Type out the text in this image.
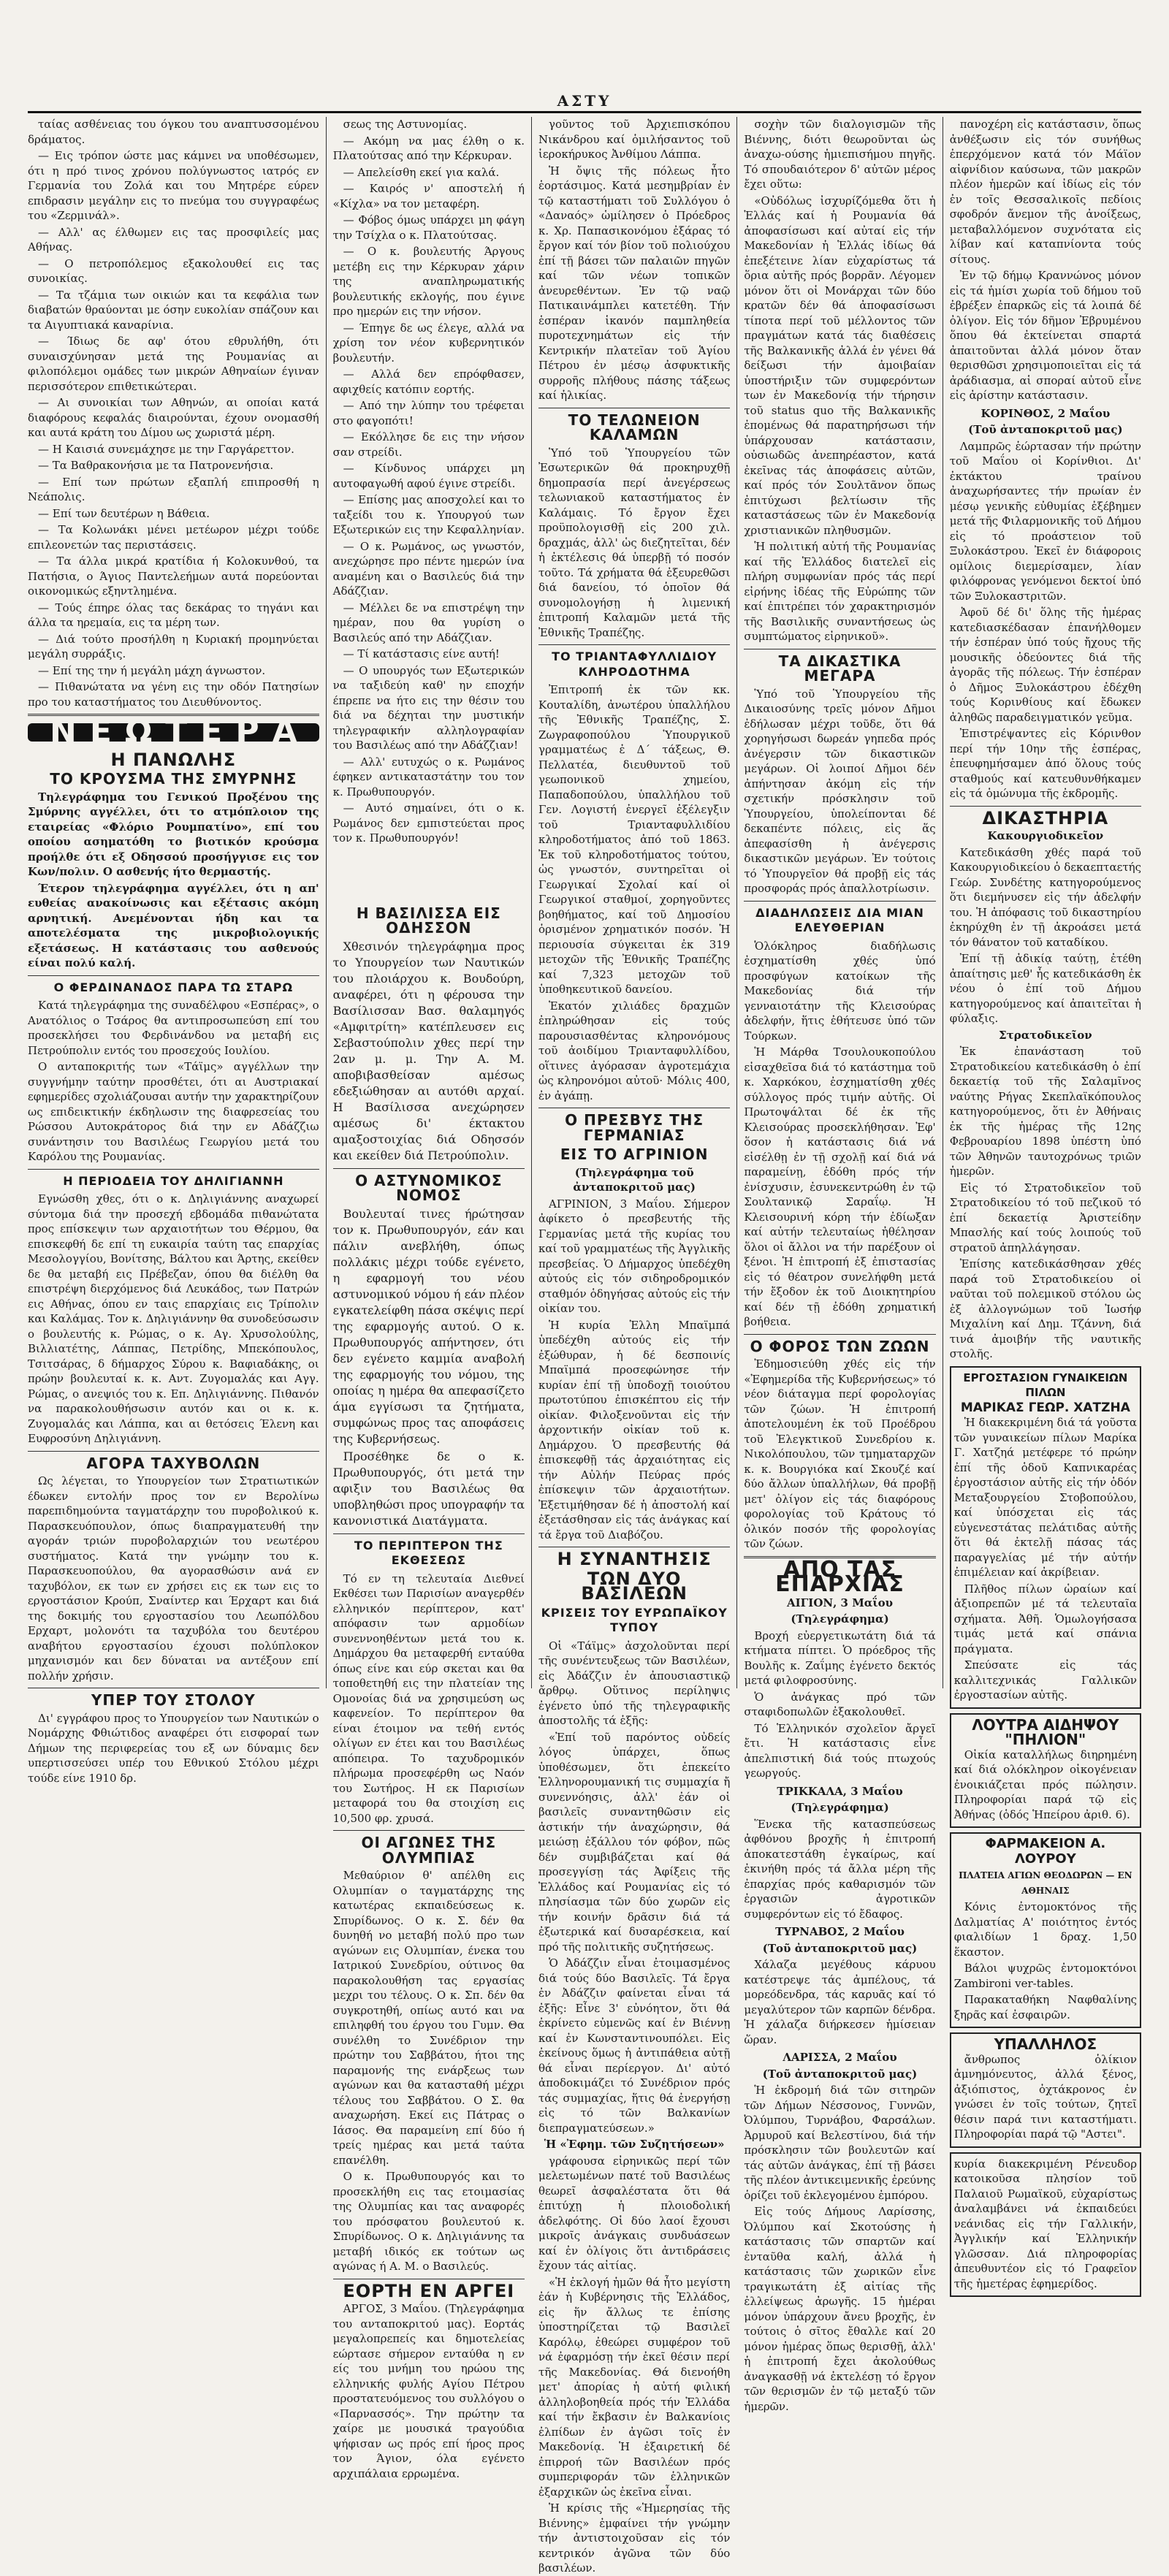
ΑΣΤΥ

ταίας ασθένειας του όγκου του αναπτυσσομένου δράματος.

— Εις τρόπον ώστε μας κάμνει να υποθέσωμεν, ότι η πρό τινος χρόνου πολύγνωστος ιατρός εν Γερμανία του Ζολά και του Μητρέρε εύρεν επιδρασιν μεγάλην εις το πνεύμα του συγγραφέως του «Ζερμινάλ».

— Αλλ' ας έλθωμεν εις τας προσφιλείς μας Αθήνας.

— Ο πετροπόλεμος εξακολουθεί εις τας συνοικίας.

— Τα τζάμια των οικιών και τα κεφάλια των διαβατών θραύονται με όσην ευκολίαν σπάζουν και τα Αιγυπτιακά καναρίνια.

— Ίδιως δε αφ' ότου εθρυλήθη, ότι συναισχύνησαν μετά της Ρουμανίας αι φιλοπόλεμοι ομάδες των μικρών Αθηναίων έγιναν περισσότερον επιθετικώτεραι.

— Αι συνοικίαι των Αθηνών, αι οποίαι κατά διαφόρους κεφαλάς διαιρούνται, έχουν ονομασθή και αυτά κράτη του Δίμου ως χωριστά μέρη.

— Η Καισιά συνεμάχησε με την Γαργάρεττον.

— Τα Βαθρακονήσια με τα Πατρονενήσια.

— Επί των πρώτων εξαπλή επιπροσθή η Νεάπολις.

— Επί των δευτέρων η Βάθεια.

— Τα Κολωνάκι μένει μετέωρον μέχρι τούδε επιλεονετών τας περιστάσεις.

— Τα άλλα μικρά κρατίδια ή Κολοκυνθού, τα Πατήσια, ο Άγιος Παντελεήμων αυτά πορεύονται οικονομικώς εξηντλημένα.

— Τούς έπηρε όλας τας δεκάρας το τηγάνι και άλλα τα ηρεμαία, εις τα μέρη των.

— Διά τούτο προσήλθη η Κυριακή προμηνύεται μεγάλη συρράξις.

— Επί της την ή μεγάλη μάχη άγνωστον.

— Πιθανώτατα να γένη εις την οδόν Πατησίων προ του καταστήματος του Διευθύνοντος.

ΝΕΩΤΕΡΑ
Η ΠΑΝΩΛΗΣ
ΤΟ ΚΡΟΥΣΜΑ ΤΗΣ ΣΜΥΡΝΗΣ

Τηλεγράφημα του Γενικού Προξένου της Σμύρνης αγγέλλει, ότι το ατμόπλοιον της εταιρείας «Φλόριο Ρουμπατίνο», επί του οποίου ασηματόθη το βιοτικόν κρούσμα προήλθε ότι εξ Οδησσού προσήγγισε εις τον Κων/πολιν. Ο ασθενής ήτο θερμαστής.

Έτερον τηλεγράφημα αγγέλλει, ότι η απ' ευθείας ανακοίνωσις και εξέτασις ακόμη αρνητική. Ανεμένονται ήδη και τα αποτελέσματα της μικροβιολογικής εξετάσεως. Η κατάστασις του ασθενούς είναι πολύ καλή.

Ο ΦΕΡΔΙΝΑΝΔΟΣ ΠΑΡΑ ΤΩ ΣΤΑΡΩ

Κατά τηλεγράφημα της συναδέλφου «Εσπέρας», ο Ανατόλιος ο Τσάρος θα αντιπροσωπεύση επί του προσεκλήσει του Φερδινάνδου να μεταβή εις Πετρούπολιν εντός του προσεχούς Ιουλίου.

Ο ανταποκριτής των «Τάϊμς» αγγέλλων την συγγνήμην ταύτην προσθέτει, ότι αι Αυστριακαί εφημερίδες σχολιάζουσαι αυτήν την χαρακτηρίζουν ως επιδεικτικήν έκδηλωσιν της διαφρεσείας του Ρώσσου Αυτοκράτορος διά την εν Αδάζζιω συνάντησιν του Βασιλέως Γεωργίου μετά του Καρόλου της Ρουμανίας.

Η ΠΕΡΙΟΔΕΙΑ ΤΟΥ ΔΗΛΙΓΙΑΝΝΗ

Εγνώσθη χθες, ότι ο κ. Δηλιγιάννης αναχωρεί σύντομα διά την προσεχή εβδομάδα πιθανώτατα προς επίσκεψιν των αρχαιοτήτων του Θέρμου, θα επισκεφθή δε επί τη ευκαιρία ταύτη τας επαρχίας Μεσολογγίου, Βονίτσης, Βάλτου και Άρτης, εκείθεν δε θα μεταβή εις Πρέβεζαν, όπου θα διέλθη θα επιστρέψη διερχόμενος διά Λευκάδος, των Πατρών εις Αθήνας, όπου εν ταις επαρχίαις εις Τρίπολιν και Καλάμας. Τον κ. Δηλιγιάννην θα συνοδεύσωσιν ο βουλευτής κ. Ρώμας, ο κ. Αγ. Χρυσολούλης, Βιλλιατέτης, Λάππας, Πετρίδης, Μπεκόπουλος, Τσιτσάρας, δ δήμαρχος Σύρου κ. Βαφιαδάκης, οι πρώην βουλευταί κ. κ. Αντ. Ζυγομαλάς και Αγγ. Ρώμας, ο ανεψιός του κ. Επ. Δηλιγιάννης. Πιθανόν να παρακολουθήσωσιν αυτόν και οι κ. κ. Ζυγομαλάς και Λάππα, και αι θετόσεις Έλενη και Ευφροσύνη Δηλιγιάννη.

ΑΓΟΡΑ ΤΑΧΥΒΟΛΩΝ

Ως λέγεται, το Υπουργείον των Στρατιωτικών έδωκεν εντολήν προς τον εν Βερολίνω παρεπιδημούντα ταγματάρχην του πυροβολικού κ. Παρασκευόπουλον, όπως διαπραγματευθή την αγοράν τριών πυροβολαρχιών του νεωτέρου συστήματος. Κατά την γνώμην του κ. Παρασκευοπούλου, θα αγορασθώσιν ανά εν ταχυβόλον, εκ των εν χρήσει εις εκ των εις το εργοστάσιον Κρούπ, Σναίντερ και Έρχαρτ και διά της δοκιμής του εργοστασίου του Λεωπόλδου Ερχαρτ, μολονότι τα ταχυβόλα του δευτέρου αναβήτου εργοστασίου έχουσι πολύπλοκον μηχανισμόν και δεν δύναται να αντέξουν επί πολλήν χρήσιν.

ΥΠΕΡ ΤΟΥ ΣΤΟΛΟΥ

Δι' εγγράφου προς το Υπουργείον των Ναυτικών ο Νομάρχης Φθιώτιδος αναφέρει ότι εισφοραί των Δήμων της περιφερείας του εξ ων δύναμις δεν υπερτισσεύσει υπέρ του Εθνικού Στόλου μέχρι τούδε είνε 1910 δρ.

σεως της Αστυνομίας.

— Ακόμη να μας έλθη ο κ. Πλατούτσας από την Κέρκυραν.

— Απελείσθη εκεί για καλά.

— Καιρός ν' αποστελή ή «Κίχλα» να τον μεταφέρη.

— Φόβος όμως υπάρχει μη φάγη την Τσίχλα ο κ. Πλατούτσας.

— Ο κ. βουλευτής Άργους μετέβη εις την Κέρκυραν χάριν της αναπληρωματικής βουλευτικής εκλογής, που έγινε προ ημερών εις την νήσον.

— Έπηγε δε ως έλεγε, αλλά να χρίση τον νέον κυβερνητικόν βουλευτήν.

— Αλλά δεν επρόφθασεν, αφιχθείς κατόπιν εορτής.

— Από την λύπην του τρέφεται στο φαγοπότι!

— Εκόλλησε δε εις την νήσον σαν στρείδι.

— Κίνδυνος υπάρχει μη αυτοφαγωθή αφού έγινε στρείδι.

— Επίσης μας αποσχολεί και το ταξείδι του κ. Υπουργού των Εξωτερικών εις την Κεφαλληνίαν.

— Ο κ. Ρωμάνος, ως γνωστόν, ανεχώρησε προ πέντε ημερών ίνα αναμένη και ο Βασιλεύς διά την Αδάζζιαν.

— Μέλλει δε να επιστρέψη την ημέραν, που θα γυρίση ο Βασιλεύς από την Αδάζζιαν.

— Τί κατάστασις είνε αυτή!

— Ο υπουργός των Εξωτερικών να ταξιδεύη καθ' ην εποχήν έπρεπε να ήτο εις την θέσιν του διά να δέχηται την μυστικήν τηλεγραφικήν αλληλογραφίαν του Βασιλέως από την Αδάζζιαν!

— Αλλ' ευτυχώς ο κ. Ρωμάνος έφηκεν αντικαταστάτην του τον κ. Πρωθυπουργόν.

— Αυτό σημαίνει, ότι ο κ. Ρωμάνος δεν εμπιστεύεται προς τον κ. Πρωθυπουργόν!

Η ΒΑΣΙΛΙΣΣΑ ΕΙΣ ΟΔΗΣΣΟΝ

Χθεσινόν τηλεγράφημα προς το Υπουργείον των Ναυτικών του πλοιάρχου κ. Βουδούρη, αναφέρει, ότι η φέρουσα την Βασίλισσαν Βασ. θαλαμηγός «Αμφιτρίτη» κατέπλευσεν εις Σεβαστούπολιν χθες περί την 2αν μ. μ. Την Α. Μ. αποβιβασθείσαν αμέσως εδεξιώθησαν αι αυτόθι αρχαί. Η Βασίλισσα ανεχώρησεν αμέσως δι' έκτακτου αμαξοστοιχίας διά Οδησσόν και εκείθεν διά Πετρούπολιν.

Ο ΑΣΤΥΝΟΜΙΚΟΣ ΝΟΜΟΣ

Βουλευταί τινες ήρώτησαν τον κ. Πρωθυπουργόν, εάν και πάλιν ανεβλήθη, όπως πολλάκις μέχρι τούδε εγένετο, η εφαρμογή του νέου αστυνομικού νόμου ή εάν πλέον εγκατελείφθη πάσα σκέψις περί της εφαρμογής αυτού. Ο κ. Πρωθυπουργός απήντησεν, ότι δεν εγένετο καμμία αναβολή της εφαρμογής του νόμου, της οποίας η ημέρα θα απεφασίζετο άμα εγγίσωσι τα ζητήματα, συμφώνως προς τας αποφάσεις της Κυβερνήσεως.

Προσέθηκε δε ο κ. Πρωθυπουργός, ότι μετά την αφιξιν του Βασιλέως θα υποβληθώσι προς υπογραφήν τα κανονιστικά Διατάγματα.

ΤΟ ΠΕΡΙΠΤΕΡΟΝ ΤΗΣ ΕΚΘΕΣΕΩΣ

Τό εν τη τελευταία Διεθνεί Εκθέσει των Παρισίων αναγερθέν ελληνικόν περίπτερον, κατ' απόφασιν των αρμοδίων συνεννοηθέντων μετά του κ. Δημάρχου θα μεταφερθή ενταύθα όπως είνε και εύρ σκεται και θα τοποθετηθή εις την πλατείαν της Ομονοίας διά να χρησιμεύση ως καφενείον. Το περίπτερον θα είναι έτοιμον να τεθή εντός ολίγων εν έτει και του Βασιλέως απόπειρα. Το ταχυδρομικόν πλήρωμα προσεφέρθη ως Ναόν του Σωτήρος. Η εκ Παρισίων μεταφορά του θα στοιχίση εις 10,500 φρ. χρυσά.

ΟΙ ΑΓΩΝΕΣ ΤΗΣ ΟΛΥΜΠΙΑΣ

Μεθαύριον θ' απέλθη εις Ολυμπίαν ο ταγματάρχης της κατωτέρας εκπαιδεύσεως κ. Σπυρίδωνος. Ο κ. Σ. δέν θα δυνηθή νο μεταβή πολύ προ των αγώνων εις Ολυμπίαν, ένεκα του Ιατρικού Συνεδρίου, ούτινος θα παρακολουθήση τας εργασίας μεχρι του τέλους. Ο κ. Σπ. δέν θα συγκροτηθή, οπίως αυτό και να επιληφθή του έργου του Γυμν. Θα συνέλθη το Συνέδριον την πρώτην του Σαββάτου, ήτοι της παραμονής της ενάρξεως των αγώνων και θα κατασταθή μέχρι τέλους του Σαββάτου. Ο Σ. θα αναχωρήση. Εκεί εις Πάτρας ο Ιάσος. Θα παραμείνη επί δύο ή τρείς ημέρας και μετά ταύτα επανέλθη.

Ο κ. Πρωθυπουργός και το προσεκλήθη εις τας ετοιμασίας της Ολυμπίας και τας αναφορές του πρόσφατου βουλευτού κ. Σπυρίδωνος. Ο κ. Δηλιγιάννης τα μεταβή ιδικός εκ τούτων ως αγώνας ή Α. Μ. ο Βασιλεύς.

ΕΟΡΤΗ ΕΝ ΑΡΓΕΙ

ΑΡΓΟΣ, 3 Μαΐου. (Τηλεγράφημα του ανταποκριτού μας). Εορτάς μεγαλοπρεπείς και δημοτελείας εώρτασε σήμερον ενταύθα η εν είς του μνήμη του ηρώου της ελληνικής φυλής Αγίου Πέτρου προστατευόμενος του συλλόγου ο «Παρνασσός». Την πρώτην τα χαίρε με μουσικά τραγούδια ψήφισαν ως πρός επί ήρος προς τον Άγιον, όλα εγένετο αρχιπάλαια ερρωμένα.

γοῦντος τοῦ Ἀρχιεπισκόπου Νικάνδρου καί ὁμιλήσαντος τοῦ ἱεροκήρυκος Ἀνθίμου Λάππα.

Ἡ ὄψις τῆς πόλεως ἦτο ἑορτάσιμος. Κατά μεσημβρίαν ἐν τῷ καταστήματι τοῦ Συλλόγου ὁ «Δαναός» ὡμίλησεν ὁ Πρόεδρος κ. Χρ. Παπασικονόμου ἐξάρας τό ἔργον καί τόν βίον τοῦ πολιούχου ἐπί τῇ βάσει τῶν παλαιῶν πηγῶν καί τῶν νέων τοπικῶν ἀνευρεθέντων. Ἐν τῷ ναῷ Πατικαινάμπλει κατετέθη. Τήν ἑσπέραν ἱκανόν παμπληθεία πυροτεχνημάτων εἰς τήν Κεντρικήν πλατεῖαν τοῦ Ἁγίου Πέτρου ἐν μέσῳ ἀσφυκτικῆς συρροῆς πλήθους πάσης τάξεως καί ἡλικίας.

ΤΟ ΤΕΛΩΝΕΙΟΝ ΚΑΛΑΜΩΝ

Ὑπό τοῦ Ὑπουργείου τῶν Ἐσωτερικῶν θά προκηρυχθῇ δημοπρασία περί ἀνεγέρσεως τελωνιακοῦ καταστήματος ἐν Καλάμαις. Τό ἔργον ἔχει προϋπολογισθῇ εἰς 200 χιλ. δραχμάς, ἀλλ' ὡς διεζητεῖται, δέν ἡ ἐκτέλεσις θά ὑπερβῇ τό ποσόν τοῦτο. Τά χρήματα θά ἐξευρεθῶσι διά δανείου, τό ὁποῖον θά συνομολογήσῃ ἡ λιμενική ἐπιτροπή Καλαμῶν μετά τῆς Ἐθνικῆς Τραπέζης.

ΤΟ ΤΡΙΑΝΤΑΦΥΛΛΙΔΙΟΥ ΚΛΗΡΟΔΟΤΗΜΑ

Ἐπιτροπή ἐκ τῶν κκ. Κουταλίδη, ἀνωτέρου ὑπαλλήλου τῆς Ἐθνικῆς Τραπέζης, Σ. Ζωγραφοπούλου Ὑπουργικοῦ γραμματέως ἐ Δ΄ τάξεως, Θ. Πελλατέα, διευθυντοῦ τοῦ γεωπονικοῦ χημείου, Παπαδοπούλου, ὑπαλλήλου τοῦ Γεν. Λογιστή ἐνεργεῖ ἐξέλεγξιν τοῦ Τριανταφυλλιδίου κληροδοτήματος ἀπό τοῦ 1863. Ἐκ τοῦ κληροδοτήματος τούτου, ὡς γνωστόν, συντηρεῖται οἱ Γεωργικαί Σχολαί καί οἱ Γεωργικοί σταθμοί, χορηγοῦντες βοηθήματος, καί τοῦ Δημοσίου ὁρισμένον χρηματικόν ποσόν. Ἡ περιουσία σύγκειται ἐκ 319 μετοχῶν τῆς Ἐθνικῆς Τραπέζης καί 7,323 μετοχῶν τοῦ ὑποθηκευτικοῦ δανείου.

Ἑκατόν χιλιάδες δραχμῶν ἐπληρώθησαν εἰς τούς παρουσιασθέντας κληρονόμους τοῦ ἀοιδίμου Τριανταφυλλίδου, οἵτινες ἀγόρασαν ἀγροτεμάχια ὡς κληρονόμοι αὐτοῦ· Μόλις 400, ἐν ἀγάπῃ.

Ο ΠΡΕΣΒΥΣ ΤΗΣ ΓΕΡΜΑΝΙΑΣ
ΕΙΣ ΤΟ ΑΓΡΙΝΙΟΝ
(Τηλεγράφημα τοῦ ἀνταποκριτοῦ μας)

ΑΓΡΙΝΙΟΝ, 3 Μαΐου. Σήμερον ἀφίκετο ὁ πρεσβευτής τῆς Γερμανίας μετά τῆς κυρίας του καί τοῦ γραμματέως τῆς Ἀγγλικῆς πρεσβείας. Ὁ Δήμαρχος ὑπεδέχθη αὐτούς εἰς τόν σιδηροδρομικόν σταθμόν ὁδηγήσας αὐτούς εἰς τήν οἰκίαν του.

Ἡ κυρία Ἑλλη Μπαϊμπά ὑπεδέχθη αὐτούς εἰς τήν ἐξώθυραν, ἡ δέ δεσποινίς Μπαϊμπά προσεφώνησε τήν κυρίαν ἐπί τῇ ὑποδοχῇ τοιούτου πρωτοτύπου ἐπισκέπτου εἰς τήν οἰκίαν. Φιλοξενοῦνται εἰς τήν ἀρχοντικήν οἰκίαν τοῦ κ. Δημάρχου. Ὁ πρεσβευτής θά ἐπισκεφθῇ τάς ἀρχαιότητας εἰς τήν Αὐλήν Πεύρας πρός ἐπίσκεψιν τῶν ἀρχαιοτήτων. Ἐξετιμήθησαν δέ ἡ ἀποστολή καί ἐξετάσθησαν εἰς τάς ἀνάγκας καί τά ἔργα τοῦ Διαβόζου.

Η ΣΥΝΑΝΤΗΣΙΣ
ΤΩΝ ΔΥΟ ΒΑΣΙΛΕΩΝ
ΚΡΙΣΕΙΣ ΤΟΥ ΕΥΡΩΠΑΪΚΟΥ ΤΥΠΟΥ

Οἱ «Τάϊμς» ἀσχολοῦνται περί τῆς συνέντευξεως τῶν Βασιλέων, εἰς Ἀδάζζιν ἐν ἀπουσιαστικῷ ἄρθρῳ. Οὕτινος περίληψις ἐγένετο ὑπό τῆς τηλεγραφικῆς ἀποστολῆς τά ἑξῆς:

«Ἐπί τοῦ παρόντος οὐδείς λόγος ὑπάρχει, ὅπως ὑποθέσωμεν, ὅτι ἐπεκείτο Ἑλληνορουμανική τις συμμαχία ἤ συνεννόησις, ἀλλ' ἐάν οἱ βασιλεῖς συναντηθῶσιν εἰς ἀστικήν τήν ἀναχώρησιν, θά μειώσῃ ἐξάλλου τόν φόβον, πῶς δέν συμβιβάζεται καί θά προσεγγίσῃ τάς Ἀφίξεις τῆς Ἑλλάδος καί Ρουμανίας εἰς τό πλησίασμα τῶν δύο χωρῶν εἰς τήν κοινήν δρᾶσιν διά τά ἐξωτερικά καί δυσαρέσκεια, καί πρό τῆς πολιτικῆς συζητήσεως.

Ὁ Ἀδάζζιν εἶναι ἐτοιμασμένος διά τούς δύο Βασιλεῖς. Τά ἔργα ἐν Ἀδάζζιν φαίνεται εἶναι τά ἐξῆς: Εἶνε 3' εὐνόητον, ὅτι θά ἐκρίνετο εὐμενῶς καί ἐν Βιέννῃ καί ἐν Κωνσταντινουπόλει. Εἰς ἐκείνους ὅμως ἡ ἀντιπάθεια αὐτῇ θά εἶναι περίεργον. Δι' αὐτό ἀποδοκιμάζει τό Συνέδριον πρός τάς συμμαχίας, ἥτις θά ἐνεργήσῃ εἰς τό τῶν Βαλκανίων διεπραγματεύσεων.»

Ἡ «Ἐφημ. τῶν Συζητήσεων»

γράφουσα εἰρηνικῶς περί τῶν μελετωμένων πατέ τοῦ Βασιλέως θεωρεῖ ἀσφαλέστατα ὅτι θά ἐπιτύχῃ ἡ πλοιοδολική ἀδελφότης. Οἱ δύο λαοί ἔχουσι μικροῖς ἀνάγκαις συνδυάσεων καί ἐν ὀλίγοις ὅτι ἀντιδράσεις ἔχουν τάς αἰτίας.

«Ἡ ἐκλογή ἡμῶν θά ἦτο μεγίστη ἐάν ἡ Κυβέρνησις τῆς Ἑλλάδος, εἰς ἥν ἄλλως τε ἐπίσης ὑποστηρίζεται τῷ Βασιλεῖ Καρόλῳ, ἐθεώρει συμφέρον τοῦ νά ἐφαρμόσῃ τήν ἐκεῖ θέσιν περί τῆς Μακεδονίας. Θά διενοήθη μετ' ἀπορίας ἡ αὐτή φιλική ἀλληλοβοηθεία πρός τήν Ἑλλάδα καί τήν ἔκβασιν ἐν Βαλκανίοις ἐλπίδων ἐν ἀγῶσι τοῖς ἐν Μακεδονίᾳ. Ἡ ἐξαιρετική δέ ἐπιρροή τῶν Βασιλέων πρός συμπεριφοράν τῶν ἑλληνικῶν ἐξαρχικῶν ὡς ἐκεῖνα εἶναι.

Ἡ κρίσις τῆς «Ἡμερησίας τῆς Βιέννης» ἐμφαίνει τήν γνώμην τήν ἀντιστοιχοῦσαν εἰς τόν κεντρικόν ἀγῶνα τῶν δύο βασιλέων.

σοχὴν τῶν διαλογισμῶν τῆς Βιέννης, διότι θεωροῦνται ὡς ἀναχω-ούσης ἡμιεπισήμου πηγῆς. Τό σπουδαιότερον δ' αὐτῶν μέρος ἔχει οὕτω:

«Οὐδόλως ἰσχυρίζόμεθα ὅτι ἡ Ἑλλάς καί ἡ Ρουμανία θά ἀποφασίσωσι καί αὐταί εἰς τήν Μακεδονίαν ἡ Ἑλλάς ἰδίως θά ἐπεξέτεινε λίαν εὐχαρίστως τά ὅρια αὐτῆς πρός βορρᾶν. Λέγομεν μόνον ὅτι οἱ Μονάρχαι τῶν δύο κρατῶν δέν θά ἀποφασίσωσι τίποτα περί τοῦ μέλλοντος τῶν πραγμάτων κατά τάς διαθέσεις τῆς Βαλκανικῆς ἀλλά ἐν γένει θά δείξωσι τήν ἀμοιβαίαν ὑποστήριξιν τῶν συμφερόντων των ἐν Μακεδονίᾳ τήν τήρησιν τοῦ status quo τῆς Βαλκανικῆς ἐπομένως θά παρατηρήσωσι τήν ὑπάρχουσαν κατάστασιν, οὐσιωδῶς ἀνεπηρέαστον, κατά ἐκεῖνας τάς ἀποφάσεις αὐτῶν, καί πρός τόν Σουλτᾶνον ὅπως ἐπιτύχωσι βελτίωσιν τῆς καταστάσεως τῶν ἐν Μακεδονίᾳ χριστιανικῶν πληθυσμῶν.

Ἡ πολιτική αὐτή τῆς Ρουμανίας καί τῆς Ἑλλάδος διατελεῖ εἰς πλήρη συμφωνίαν πρός τάς περί εἰρήνης ἰδέας τῆς Εὐρώπης τῶν καί ἐπιτρέπει τόν χαρακτηρισμόν τῆς Βασιλικῆς συναντήσεως ὡς συμπτώματος εἰρηνικοῦ».

ΤΑ ΔΙΚΑΣΤΙΚΑ ΜΕΓΑΡΑ

Ὑπό τοῦ Ὑπουργείου τῆς Δικαιοσύνης τρεῖς μόνον Δῆμοι ἐδήλωσαν μέχρι τοῦδε, ὅτι θά χορηγήσωσι δωρεάν γηπεδα πρός ἀνέγερσιν τῶν δικαστικῶν μεγάρων. Οἱ λοιποί Δῆμοι δέν ἀπήντησαν ἀκόμη εἰς τήν σχετικήν πρόσκλησιν τοῦ Ὑπουργείου, ὑπολείπονται δέ δεκαπέντε πόλεις, εἰς ἅς ἀπεφασίσθη ἡ ἀνέγερσις δικαστικῶν μεγάρων. Ἐν τούτοις τό Ὑπουργεῖον θά προβῇ εἰς τάς προσφοράς πρός ἀπαλλοτρίωσιν.

ΔΙΑΔΗΛΩΣΕΙΣ ΔΙΑ ΜΙΑΝ ΕΛΕΥΘΕΡΙΑΝ

Ὁλόκληρος διαδήλωσις ἐσχηματίσθη χθές ὑπό προσφύγων κατοίκων τῆς Μακεδονίας διά τήν γενναιοτάτην τῆς Κλεισούρας ἀδελφήν, ἥτις ἐθήτευσε ὑπό τῶν Τούρκων.

Ἡ Μάρθα Τσουλουκοπούλου εἰσαχθεῖσα διά τό κατάστημα τοῦ κ. Χαρκόκου, ἐσχηματίσθη χθές σύλλογος πρός τιμήν αὐτῆς. Οἱ Πρωτοψάλται δέ ἐκ τῆς Κλεισούρας προσεκλήθησαν. Ἐφ' ὅσον ἡ κατάστασις διά νά εἰσέλθῃ ἐν τῇ σχολῇ καί διά νά παραμείνῃ, ἐδόθη πρός τήν ἐνίσχυσιν, ἐσυνεκεντρώθη ἐν τῷ Σουλτανικῷ Σαραΐῳ. Ἡ Κλεισουρινή κόρη τήν ἐδίωξαν καί αὐτήν τελευταίως ἠθέλησαν ὅλοι οἱ ἄλλοι να τήν παρέξουν οἱ ξένοι. Ἡ ἐπιτροπή ἐξ ἐπιστασίας εἰς τό θέατρον συνελήφθη μετά τήν ἔξοδον ἐκ τοῦ Διοικητηρίου καί δέν τῇ ἐδόθη χρηματική βοήθεια.

Ο ΦΟΡΟΣ ΤΩΝ ΖΩΩΝ

Ἐδημοσιεύθη χθές εἰς τήν «Ἐφημερίδα τῆς Κυβερνήσεως» τό νέον διάταγμα περί φορολογίας τῶν ζώων. Ἡ ἐπιτροπή ἀποτελουμένη ἐκ τοῦ Προέδρου τοῦ Ἐλεγκτικοῦ Συνεδρίου κ. Νικολόπουλου, τῶν τμηματαρχῶν κ. κ. Βουργιόκα καί Σκουζέ καί δύο ἄλλων ὑπαλλήλων, θά προβῇ μετ' ὀλίγον εἰς τάς διαφόρους φορολογίας τοῦ Κράτους τό ὁλικόν ποσόν τῆς φορολογίας τῶν ζώων.

ΑΠΟ ΤΑΣ ΕΠΑΡΧΙΑΣ
ΑΙΓΙΟΝ, 3 Μαΐου
(Τηλεγράφημα)

Βροχή εὐεργετικωτάτη διά τά κτήματα πίπτει. Ὁ πρόεδρος τῆς Βουλῆς κ. Ζαΐμης ἐγένετο δεκτός μετά φιλοφροσύνης.

Ὁ ἀνάγκας πρό τῶν σταφιδοπωλῶν ἐξακολουθεῖ.

Τό Ἑλληνικόν σχολεῖον ἄργεῖ ἔτι. Ἡ κατάστασις εἶνε ἀπελπιστική διά τούς πτωχούς γεωργούς.

ΤΡΙΚΚΑΛΑ, 3 Μαΐου
(Τηλεγράφημα)

Ἕνεκα τῆς κατασπεύσεως ἀφθόνου βροχῆς ἡ ἐπιτροπή ἀποκατεστάθη ἐγκαίρως, καί ἐκινήθη πρός τά ἄλλα μέρη τῆς ἐπαρχίας πρός καθαρισμόν τῶν ἐργασιῶν ἀγροτικῶν συμφερόντων εἰς τό ἔδαφος.

ΤΥΡΝΑΒΟΣ, 2 Μαΐου
(Τοῦ ἀνταποκριτοῦ μας)

Χάλαζα μεγέθους κάρυου κατέστρεψε τάς ἀμπέλους, τά μορεόδενδρα, τάς καρυᾶς καί τό μεγαλύτερον τῶν καρπῶν δένδρα. Ἡ χάλαζα διήρκεσεν ἡμίσειαν ὥραν.

ΛΑΡΙΣΣΑ, 2 Μαΐου
(Τοῦ ἀνταποκριτοῦ μας)

Ἡ ἐκδρομή διά τῶν σιτηρῶν τῶν Δήμων Νέσσονος, Γυννῶν, Ὀλύμπου, Τυρνάβου, Φαρσάλων. Ἀρμυροῦ καί Βελεστίνου, διά τήν πρόσκλησιν τῶν βουλευτῶν καί τάς αὐτῶν ἀνάγκας, ἐπί τῇ βάσει τῆς πλέον ἀντικειμενικῆς ἐρεύνης ὁρίζει τοῦ ἐκλεγομένου ἐμπόρου.

Εἰς τούς Δήμους Λαρίσσης, Ὀλύμπου καί Σκοτούσης ἡ κατάστασις τῶν σπαρτῶν καί ἐνταῦθα καλή, ἀλλά ἡ κατάστασις τῶν χωρικῶν εἶνε τραγικωτάτη ἐξ αἰτίας τῆς ἐλλείψεως ἀρωγῆς. 15 ἡμέραι μόνον ὑπάρχουν ἄνευ βροχῆς, ἐν τούτοις ὁ σῖτος ἔθαλλε καί 20 μόνον ἡμέρας ὅπως θερισθῇ, ἀλλ' ἡ ἐπιτροπή ἔχει ἀκολούθως ἀναγκασθῇ νά ἐκτελέσῃ τό ἔργον τῶν θερισμῶν ἐν τῷ μεταξύ τῶν ἡμερῶν.

πανοχέρη εἰς κατάστασιν, ὅπως ἀνθέξωσιν εἰς τόν συνήθως ἐπερχόμενον κατά τόν Μάϊον αἰφνίδιον καύσωνα, τῶν μακρῶν πλέον ἡμερῶν καί ἰδίως εἰς τόν ἐν τοῖς Θεσσαλικοῖς πεδίοις σφοδρόν ἄνεμον τῆς ἀνοίξεως, μεταβαλλόμενον συχνότατα εἰς λίβαν καί καταπνίοντα τούς σίτους.

Ἐν τῷ δήμῳ Κραννώνος μόνον εἰς τά ἡμίσι χωρία τοῦ δήμου τοῦ ἐβρέξεν ἐπαρκῶς εἰς τά λοιπά δέ ὀλίγον. Εἰς τόν δῆμον Ἐβρυμένου ὅπου θά ἐκτείνεται σπαρτά ἀπαιτοῦνται ἀλλά μόνον ὅταν θερισθῶσι χρησιμοποιεῖται εἰς τά ἀράδιασμα, αἱ σποραί αὐτοῦ εἶνε εἰς ἀρίστην κατάστασιν.

ΚΟΡΙΝΘΟΣ, 2 Μαΐου
(Τοῦ ἀνταποκριτοῦ μας)

Λαμπρῶς ἑώρτασαν τήν πρώτην τοῦ Μαΐου οἱ Κορίνθιοι. Δι' ἐκτάκτου τραίνου ἀναχωρήσαντες τήν πρωίαν ἐν μέσῳ γενικῆς εὐθυμίας ἐξέβημεν μετά τῆς Φιλαρμονικῆς τοῦ Δήμου εἰς τό προάστειον τοῦ Ξυλοκάστρου. Ἐκεῖ ἐν διάφοροις ομίλοις διεμερίσαμεν, λίαν φιλόφρονας γενόμενοι δεκτοί ὑπό τῶν Ξυλοκαστριτῶν.

Ἀφοῦ δέ δι' ὅλης τῆς ἡμέρας κατεδιασκέδασαν ἐπανήλθομεν τήν ἑσπέραν ὑπό τούς ἤχους τῆς μουσικῆς ὁδεύοντες διά τῆς ἀγορᾶς τῆς πόλεως. Τήν ἑσπέραν ὁ Δῆμος Ξυλοκάστρου ἐδέχθη τούς Κορινθίους καί ἔδωκεν ἀληθῶς παραδειγματικόν γεῦμα.

Ἐπιστρέψαντες εἰς Κόρινθον περί τήν 10ην τῆς ἑσπέρας, ἐπευφημήσαμεν ἀπό ὅλους τούς σταθμούς καί κατευθυνθήκαμεν εἰς τά ὁμώνυμα τῆς ἐκδρομῆς.

ΔΙΚΑΣΤΗΡΙΑ
Κακουργιοδικεῖον

Κατεδικάσθη χθές παρά τοῦ Κακουργιοδικείου ὁ δεκαεπταετής Γεώρ. Συνδέτης κατηγορούμενος ὅτι διεμήνυσεν εἰς τήν ἀδελφήν του. Ἡ ἀπόφασις τοῦ δικαστηρίου ἐκηρύχθη ἐν τῇ ἀκροάσει μετά τόν θάνατον τοῦ καταδίκου.

Ἐπί τῇ ἀδικίᾳ ταύτῃ, ἐτέθη ἀπαίτησις μεθ' ἧς κατεδικάσθη ἐκ νέου ὁ ἐπί τοῦ Δήμου κατηγορούμενος καί ἀπαιτεῖται ἡ φύλαξις.

Στρατοδικεῖον

Ἐκ ἐπανάσταση τοῦ Στρατοδικείου κατεδικάσθη ὁ ἐπί δεκαετίᾳ τοῦ τῆς Σαλαμῖνος ναύτης Ρήγας Σκεπλαϊκόπουλος κατηγορούμενος, ὅτι ἐν Ἀθήναις ἐκ τῆς ἡμέρας τῆς 12ης Φεβρουαρίου 1898 ὑπέστη ὑπό τῶν Ἀθηνῶν ταυτοχρόνως τριῶν ἡμερῶν.

Εἰς τό Στρατοδικεῖον τοῦ Στρατοδικείου τό τοῦ πεζικοῦ τό ἐπί δεκαετίᾳ Ἀριστείδην Μπασλής καί τούς λοιπούς τοῦ στρατοῦ ἀπηλλάγησαν.

Ἐπίσης κατεδικάσθησαν χθές παρά τοῦ Στρατοδικείου οἱ ναῦται τοῦ πολεμικοῦ στόλου ὡς ἐξ ἀλλογνώμων τοῦ Ἰωσήφ Μιχαλίνη καί Δημ. Τζάννη, διά τινά ἀμοιβήν τῆς ναυτικῆς στολῆς.

ΕΡΓΟΣΤΑΣΙΟΝ ΓΥΝΑΙΚΕΙΩΝ ΠΙΛΩΝ
ΜΑΡΙΚΑΣ ΓΕΩΡ. ΧΑΤΖΗΑ

Ἡ διακεκριμένη διά τά γοῦστα τῶν γυναικείων πίλων Μαρίκα Γ. Χατζηά μετέφερε τό πρώην ἐπί τῆς ὁδοῦ Καπνικαρέας ἐργοστάσιον αὐτῆς εἰς τήν ὁδόν Μεταξουργείου Στοβοπούλου, καί ὑπόσχεται εἰς τάς εὐγενεστάτας πελάτιδας αὐτῆς ὅτι θά ἐκτελῇ πάσας τάς παραγγελίας μέ τήν αὐτήν ἐπιμέλειαν καί ἀκρίβειαν.

Πλῆθος πίλων ὡραίων καί ἀξιοπρεπῶν μέ τά τελευταῖα σχήματα. Ἀθῆ. Ὁμωλογήσασα τιμάς μετά καί σπάνια πράγματα.

Σπεύσατε εἰς τάς καλλιτεχνικάς Γαλλικῶν ἐργοστασίων αὐτῆς.

ΛΟΥΤΡΑ ΑΙΔΗΨΟΥ
"ΠΗΛΙΟΝ"

Οἰκία καταλλήλως διηρημένη καί διά ολόκληρον οἰκογένειαν ἐνοικιάζεται πρός πώλησιν. Πληροφορίαι παρά τῷ εἰς Ἀθήνας (ὁδός Ἡπείρου ἀριθ. 6).

ΦΑΡΜΑΚΕΙΟΝ Α. ΛΟΥΡΟΥ
ΠΛΑΤΕΙΑ ΑΓΙΩΝ ΘΕΟΔΩΡΩΝ — ΕΝ ΑΘΗΝΑΙΣ

Κόνις ἐντομοκτόνος τῆς Δαλματίας Α' ποιότητος ἐντός φιαλιδίων 1 δραχ. 1,50 ἕκαστον.

Βάλοι ψυχρῶς ἐντομοκτόνοι Zambironi ver-tables.

Παρακαταθήκη Ναφθαλίνης ξηρᾶς καί ἐσφαιρῶν.

ΥΠΑΛΛΗΛΟΣ

ἄνθρωπος ὁλίκιον ἀμνημόνευτος, ἀλλά ξένος, ἀξιόπιστος, ὀχτάκρονος ἐν γνώσει ἐν τοῖς τούτων, ζητεῖ θέσιν παρά τινι καταστήματι. Πληροφορίαι παρά τῷ "Αστει".

κυρία διακεκριμένη Ρένευδορ κατοικοῦσα πλησίον τοῦ Παλαιοῦ Ρωμαϊκοῦ, εὐχαρίστως ἀναλαμβάνει νά ἐκπαιδεύει νεάνιδας εἰς τήν Γαλλικήν, Ἀγγλικήν καί Ἑλληνικήν γλῶσσαν. Διά πληροφορίας ἀπευθυντέον εἰς τό Γραφεῖον τῆς ἡμετέρας ἐφημερίδος.
